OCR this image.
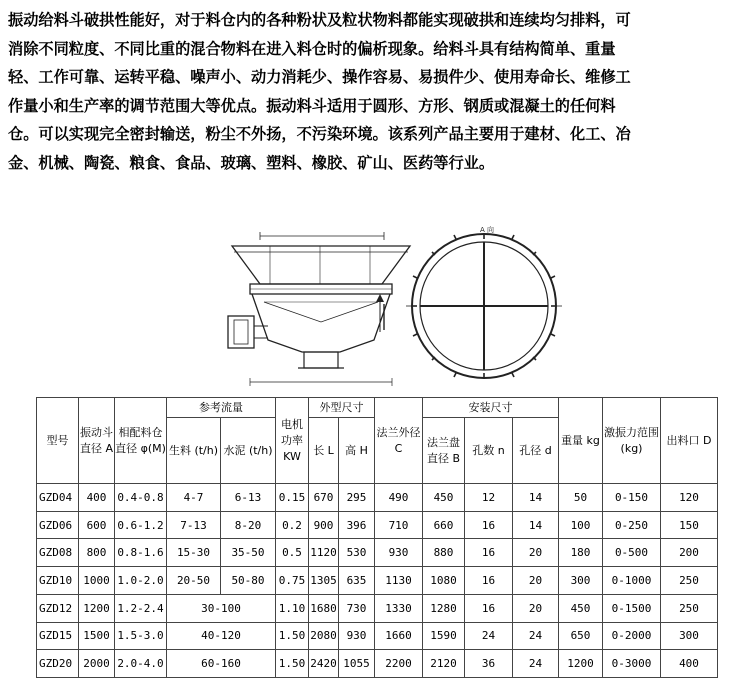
振动给料斗破拱性能好，对于料仓内的各种粉状及粒状物料都能实现破拱和连续均匀排料，可
消除不同粒度、不同比重的混合物料在进入料仓时的偏析现象。给料斗具有结构简单、重量
轻、工作可靠、运转平稳、噪声小、动力消耗少、操作容易、易损件少、使用寿命长、维修工
作量小和生产率的调节范围大等优点。振动料斗适用于圆形、方形、钢质或混凝土的任何料
仓。可以实现完全密封输送，粉尘不外扬，不污染环境。该系列产品主要用于建材、化工、冶
金、机械、陶瓷、粮食、食品、玻璃、塑料、橡胶、矿山、医药等行业。
A 向
型号	振动斗直径 A	相配料仓直径 φ(M)	参考流量		电机功率 KW	外型尺寸		法兰外径 C	安装尺寸			重量 kg	激振力范围 (kg)	出料口 D
			生料 (t/h)	水泥 (t/h)		长 L	高 H		法兰盘直径 B	孔数 n	孔径 d			

GZD04	400	0.4-0.8	4-7	6-13	0.15	670	295	490	450	12	14	50	0-150	120
GZD06	600	0.6-1.2	7-13	8-20	0.2	900	396	710	660	16	14	100	0-250	150
GZD08	800	0.8-1.6	15-30	35-50	0.5	1120	530	930	880	16	20	180	0-500	200
GZD10	1000	1.0-2.0	20-50	50-80	0.75	1305	635	1130	1080	16	20	300	0-1000	250
GZD12	1200	1.2-2.4	30-100		1.10	1680	730	1330	1280	16	20	450	0-1500	250
GZD15	1500	1.5-3.0	40-120		1.50	2080	930	1660	1590	24	24	650	0-2000	300
GZD20	2000	2.0-4.0	60-160		1.50	2420	1055	2200	2120	36	24	1200	0-3000	400
